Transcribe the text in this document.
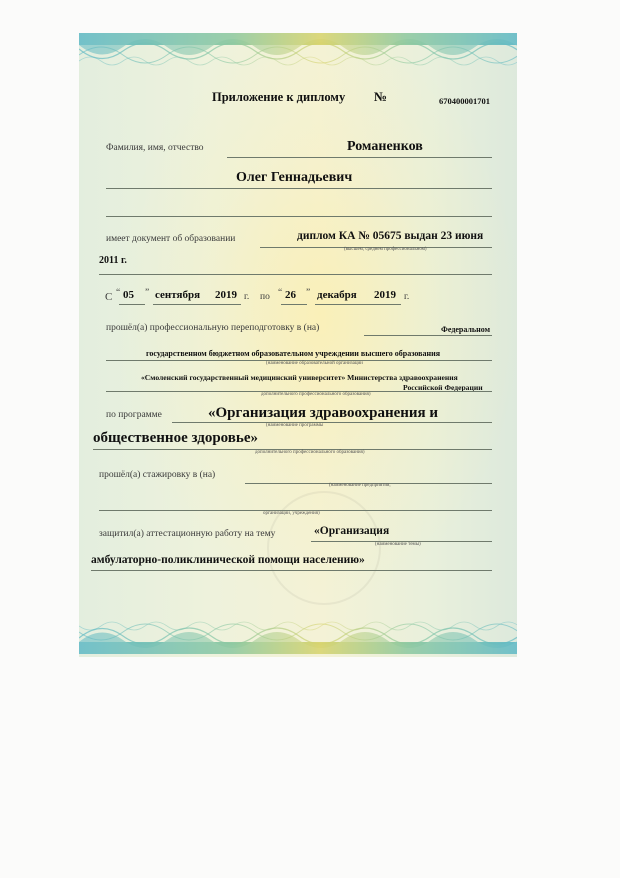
Приложение к диплому №	670400001701
Фамилия, имя, отчество	Романенков
Олег Геннадьевич
имеет документ об образовании	диплом КА № 05675 выдан 23 июня
(высшем, среднем профессиональном)
2011 г.
С “ 05 ” сентября 2019 г. по “ 26 ” декабря 2019 г.
прошёл(а) профессиональную переподготовку в (на)	Федеральном
государственном бюджетном образовательном учреждении высшего образования
(наименование образовательной организации
«Смоленский государственный медицинский университет» Министерства здравоохранения
Российской Федерации
дополнительного профессионального образования)
по программе	«Организация здравоохранения и
(наименование программы
общественное здоровье»
дополнительного профессионального образования)
прошёл(а) стажировку в (на)
(наименование предприятия,
организации, учреждения)
защитил(а) аттестационную работу на тему	«Организация
(наименование темы)
амбулаторно-поликлинической помощи населению»
